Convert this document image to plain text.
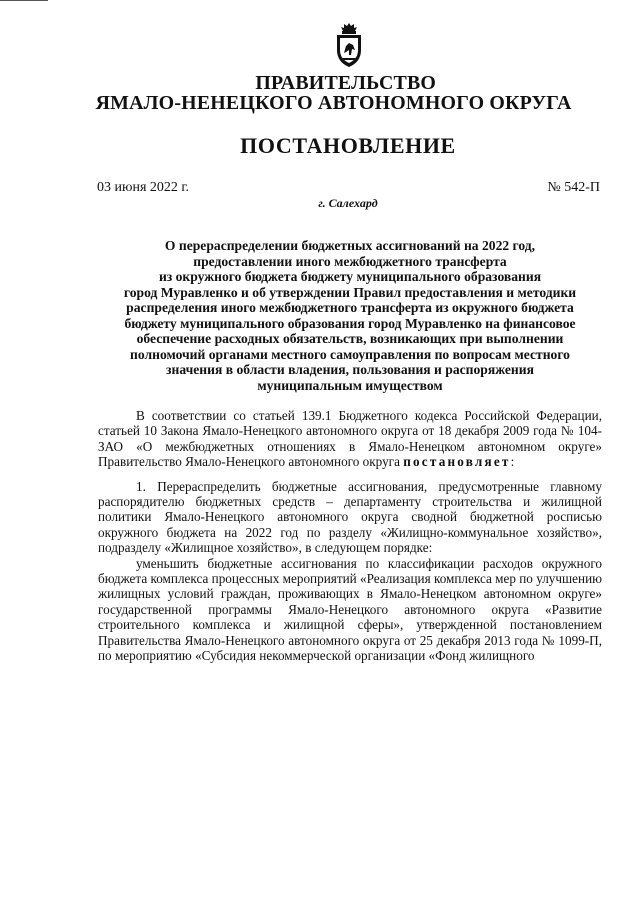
ПРАВИТЕЛЬСТВО
ЯМАЛО-НЕНЕЦКОГО АВТОНОМНОГО ОКРУГА
ПОСТАНОВЛЕНИЕ
03 июня 2022 г.	№ 542-П
г. Салехард
О перераспределении бюджетных ассигнований на 2022 год,
предоставлении иного межбюджетного трансферта
из окружного бюджета бюджету муниципального образования
город Муравленко и об утверждении Правил предоставления и методики
распределения иного межбюджетного трансферта из окружного бюджета
бюджету муниципального образования город Муравленко на финансовое
обеспечение расходных обязательств, возникающих при выполнении
полномочий органами местного самоуправления по вопросам местного
значения в области владения, пользования и распоряжения
муниципальным имуществом

В соответствии со статьей 139.1 Бюджетного кодекса Российской Федерации, статьей 10 Закона Ямало-Ненецкого автономного округа от 18 декабря 2009 года № 104-ЗАО «О межбюджетных отношениях в Ямало-Ненецком автономном округе» Правительство Ямало-Ненецкого автономного округа постановляет:

1. Перераспределить бюджетные ассигнования, предусмотренные главному распорядителю бюджетных средств – департаменту строительства и жилищной политики Ямало-Ненецкого автономного округа сводной бюджетной росписью окружного бюджета на 2022 год по разделу «Жилищно-коммунальное хозяйство», подразделу «Жилищное хозяйство», в следующем порядке:

уменьшить бюджетные ассигнования по классификации расходов окружного бюджета комплекса процессных мероприятий «Реализация комплекса мер по улучшению жилищных условий граждан, проживающих в Ямало-Ненецком автономном округе» государственной программы Ямало-Ненецкого автономного округа «Развитие строительного комплекса и жилищной сферы», утвержденной постановлением Правительства Ямало-Ненецкого автономного округа от 25 декабря 2013 года № 1099-П, по мероприятию «Субсидия некоммерческой организации «Фонд жилищного
